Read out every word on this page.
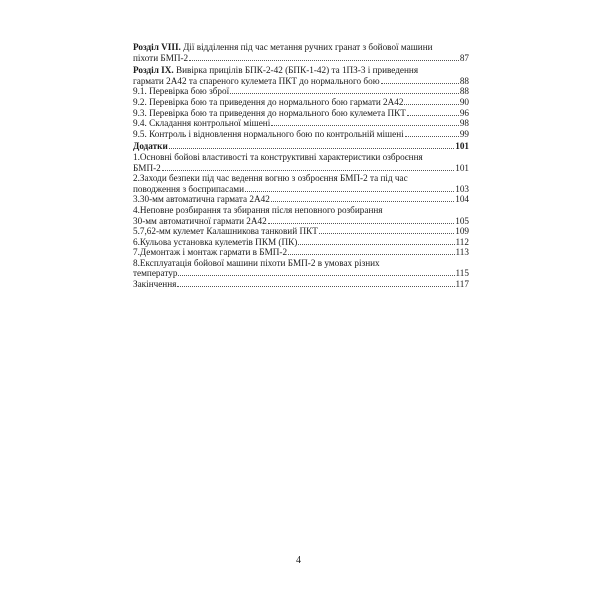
Розділ VIII. Дії відділення під час метання ручних гранат з бойової машини
піхоти БМП-2	87
Розділ IX. Вивірка прицілів БПК-2-42 (БПК-1-42) та 1ПЗ-3 і приведення
гармати 2А42 та спареного кулемета ПКТ до нормального бою	88
9.1. Перевірка бою зброї	88
9.2. Перевірка бою та приведення до нормального бою гармати 2А42	90
9.3. Перевірка бою та приведення до нормального бою кулемета ПКТ	96
9.4. Складання контрольної мішені	98
9.5. Контроль і відновлення нормального бою по контрольній мішені	99
Додатки	101
1.Основні бойові властивості та конструктивні характеристики озброєння
БМП-2	101
2.Заходи безпеки під час ведення вогню з озброєння БМП-2 та під час
поводження з боєприпасами	103
3.30-мм автоматична гармата 2А42	104
4.Неповне розбирання та збирання після неповного розбирання
30-мм автоматичної гармати 2А42	105
5.7,62-мм кулемет Калашникова танковий ПКТ	109
6.Кульова установка кулеметів ПКМ (ПК)	112
7.Демонтаж і монтаж гармати в БМП-2	113
8.Експлуатація бойової машини піхоти БМП-2 в умовах різних
температур	115
Закінчення	117
4
